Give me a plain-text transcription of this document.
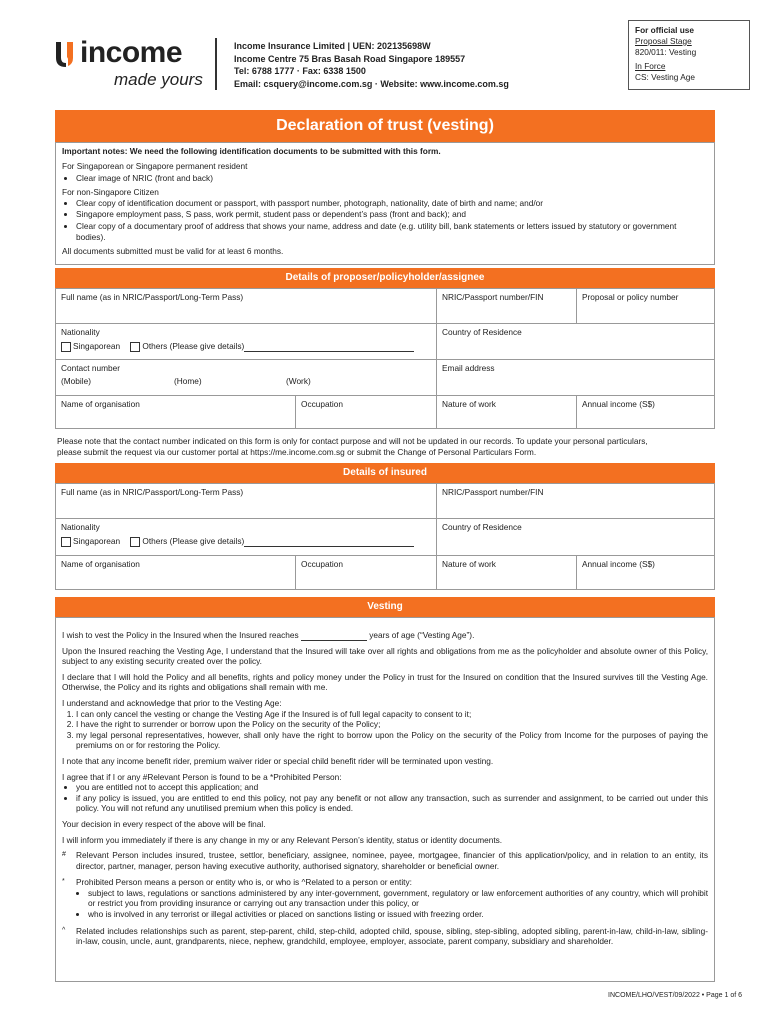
income
made yours
Income Insurance Limited | UEN: 202135698W
Income Centre 75 Bras Basah Road Singapore 189557
Tel: 6788 1777 · Fax: 6338 1500
Email: csquery@income.com.sg · Website: www.income.com.sg
For official use
Proposal Stage
820/011: Vesting
In Force
CS: Vesting Age
Declaration of trust (vesting)
Important notes: We need the following identification documents to be submitted with this form.
For Singaporean or Singapore permanent resident
• Clear image of NRIC (front and back)
For non-Singapore Citizen
• Clear copy of identification document or passport, with passport number, photograph, nationality, date of birth and name; and/or
• Singapore employment pass, S pass, work permit, student pass or dependent’s pass (front and back); and
• Clear copy of a documentary proof of address that shows your name, address and date (e.g. utility bill, bank statements or letters issued by statutory or government bodies).
All documents submitted must be valid for at least 6 months.
Details of proposer/policyholder/assignee
Full name (as in NRIC/Passport/Long-Term Pass)	NRIC/Passport number/FIN	Proposal or policy number
Nationality
Singaporean	Others (Please give details)
Country of Residence
Contact number
(Mobile)	(Home)	(Work)
Email address
Name of organisation	Occupation	Nature of work	Annual income (S$)
Please note that the contact number indicated on this form is only for contact purpose and will not be updated in our records. To update your personal particulars,
please submit the request via our customer portal at https://me.income.com.sg or submit the Change of Personal Particulars Form.
Details of insured
Full name (as in NRIC/Passport/Long-Term Pass)	NRIC/Passport number/FIN
Nationality
Singaporean	Others (Please give details)
Country of Residence
Name of organisation	Occupation	Nature of work	Annual income (S$)
Vesting

I wish to vest the Policy in the Insured when the Insured reaches	years of age (“Vesting Age”).

Upon the Insured reaching the Vesting Age, I understand that the Insured will take over all rights and obligations from me as the policyholder and absolute owner of this Policy, subject to any existing security created over the policy.

I declare that I will hold the Policy and all benefits, rights and policy money under the Policy in trust for the Insured on condition that the Insured survives till the Vesting Age. Otherwise, the Policy and its rights and obligations shall remain with me.

I understand and acknowledge that prior to the Vesting Age:
1. I can only cancel the vesting or change the Vesting Age if the Insured is of full legal capacity to consent to it;
2. I have the right to surrender or borrow upon the Policy on the security of the Policy;
3. my legal personal representatives, however, shall only have the right to borrow upon the Policy on the security of the Policy from Income for the purposes of paying the premiums on or for restoring the Policy.

I note that any income benefit rider, premium waiver rider or special child benefit rider will be terminated upon vesting.

I agree that if I or any #Relevant Person is found to be a *Prohibited Person:
• you are entitled not to accept this application; and
• if any policy is issued, you are entitled to end this policy, not pay any benefit or not allow any transaction, such as surrender and assignment, to be carried out under this policy. You will not refund any unutilised premium when this policy is ended.

Your decision in every respect of the above will be final.

I will inform you immediately if there is any change in my or any Relevant Person’s identity, status or identity documents.

#	Relevant Person includes insured, trustee, settlor, beneficiary, assignee, nominee, payee, mortgagee, financier of this application/policy, and in relation to an entity, its director, partner, manager, person having executive authority, authorised signatory, shareholder or beneficial owner.
*	Prohibited Person means a person or entity who is, or who is ^Related to a person or entity:
• subject to laws, regulations or sanctions administered by any inter-government, government, regulatory or law enforcement authorities of any country, which will prohibit or restrict you from providing insurance or carrying out any transaction under this policy, or
• who is involved in any terrorist or illegal activities or placed on sanctions listing or issued with freezing order.
^	Related includes relationships such as parent, step-parent, child, step-child, adopted child, spouse, sibling, step-sibling, adopted sibling, parent-in-law, child-in-law, sibling-in-law, cousin, uncle, aunt, grandparents, niece, nephew, grandchild, employee, employer, associate, parent company, subsidiary and shareholder.
INCOME/LHO/VEST/09/2022 • Page 1 of 6
